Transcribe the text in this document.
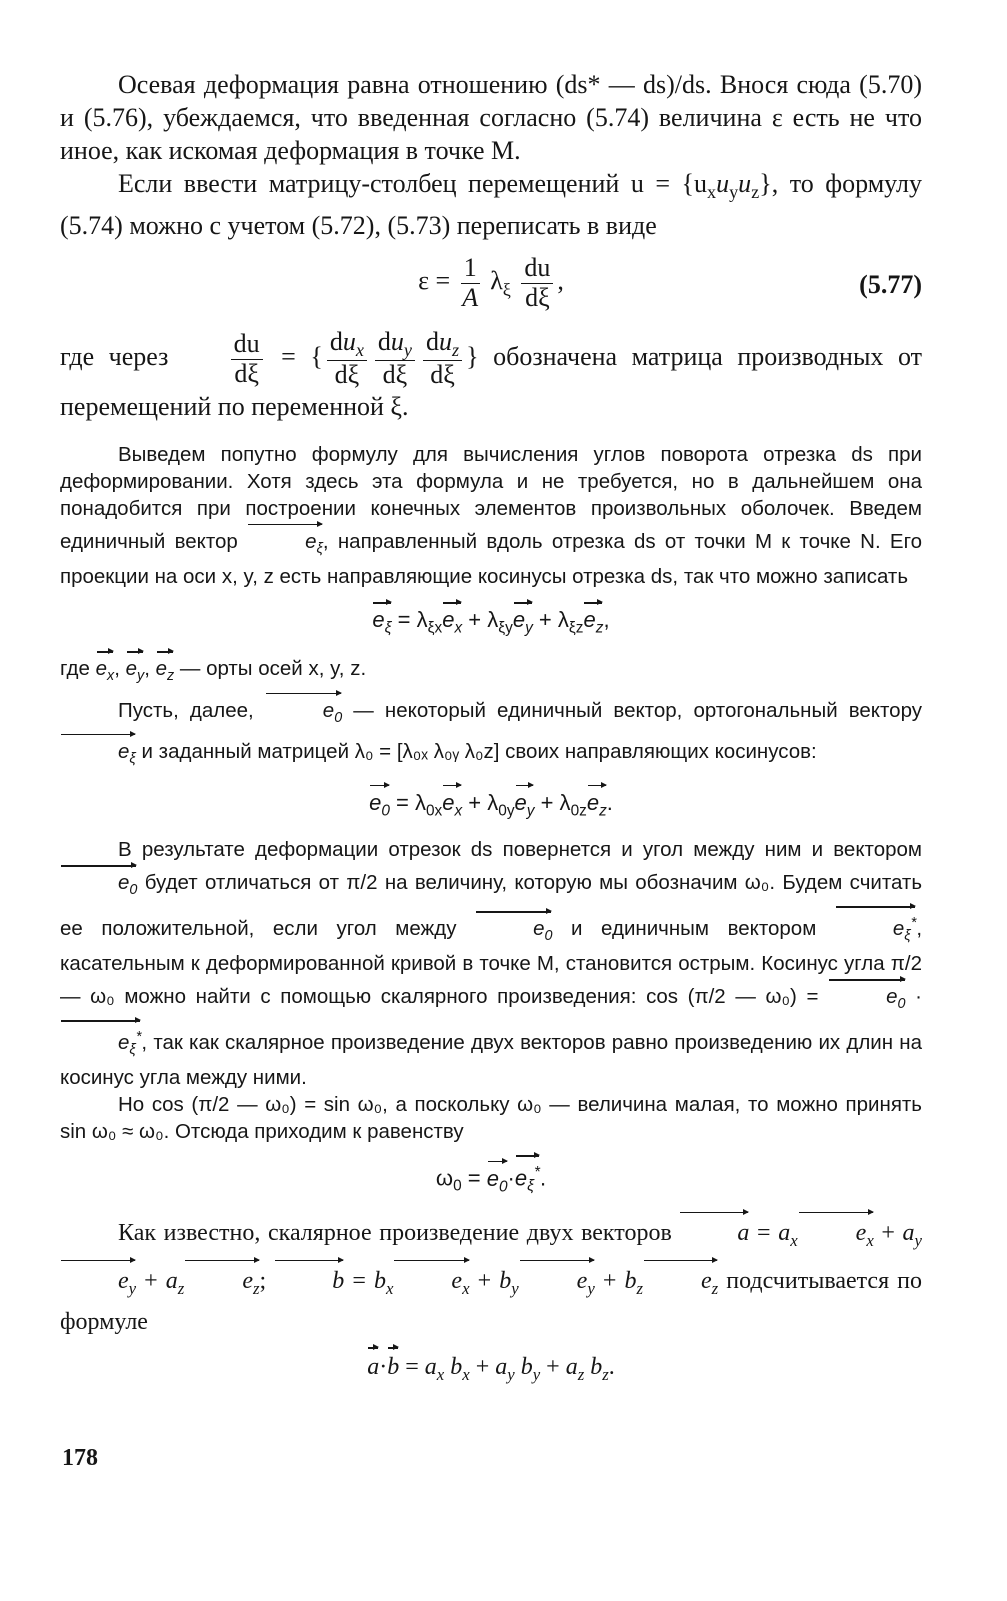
Осевая деформация равна отношению (ds* — ds)/ds. Внося сюда (5.70) и (5.76), убеждаемся, что введенная согласно (5.74) величина ε есть не что иное, как искомая деформация в точке M.

Если ввести матрицу-столбец перемещений $u = \{u_xu_yu_z\}$, то формулу (5.74) можно с учетом (5.72), (5.73) переписать в виде

$\varepsilon = \frac{1}{A} \lambda_\xi \frac{du}{d\xi}$ ,	(5.77)

где через $\frac{du}{d\xi}$ = { $\frac{du_x}{d\xi} \frac{du_y}{d\xi} \frac{du_z}{d\xi}$ } обозначена матрица производных от перемещений по переменной ξ.

Выведем попутно формулу для вычисления углов поворота отрезка ds при деформировании. Хотя здесь эта формула и не требуется, но в дальнейшем она понадобится при построении конечных элементов произвольных оболочек. Введем единичный вектор	$e_\xi$, направленный вдоль отрезка ds от точки M к точке N. Его проекции на оси x, y, z есть направляющие косинусы отрезка ds, так что можно записать

$e_\xi = \lambda_{\xi x}e_x + \lambda_{\xi y}e_y + \lambda_{\xi z}e_z$,

где $e_x$, $e_y$, $e_z$ — орты осей x, y, z.

Пусть, далее,	$e_0$ — некоторый единичный вектор, ортогональный вектору $e_\xi$ и заданный матрицей λ₀ = [λ₀ₓ λ₀ᵧ λ₀z] своих направляющих косинусов:

$e_0 = \lambda_{0x}e_x + \lambda_{0y}e_y + \lambda_{0z}e_z$.

В результате деформации отрезок ds повернется и угол между ним и вектором $e_0$ будет отличаться от π/2 на величину, которую мы обозначим ω₀. Будем считать ее положительной, если угол между	$e_0$ и единичным вектором	$e_\xi^*$, касательным к деформированной кривой в точке M, становится острым. Косинус угла π/2 — ω₀ можно найти с помощью скалярного произведения: cos (π/2 — ω₀) =	$e_0 \cdot e_\xi^*$, так как скалярное произведение двух векторов равно произведению их длин на косинус угла между ними.

Но cos (π/2 — ω₀) = sin ω₀, а поскольку ω₀ — величина малая, то можно принять sin ω₀ ≈ ω₀. Отсюда приходим к равенству

$\omega_0 = e_0\cdot e_\xi^*$.

Как известно, скалярное произведение двух векторов	$a = a_x$ $e_x + a_ye_y + a_z$ $e_z$; $b = b_x$ $e_x + b_y$ $e_y + b_z$ $e_z$ подсчитывается по формуле

$a\cdot b = a_x$ $b_x + a_y$ $b_y + a_z$ $b_z$.
178
